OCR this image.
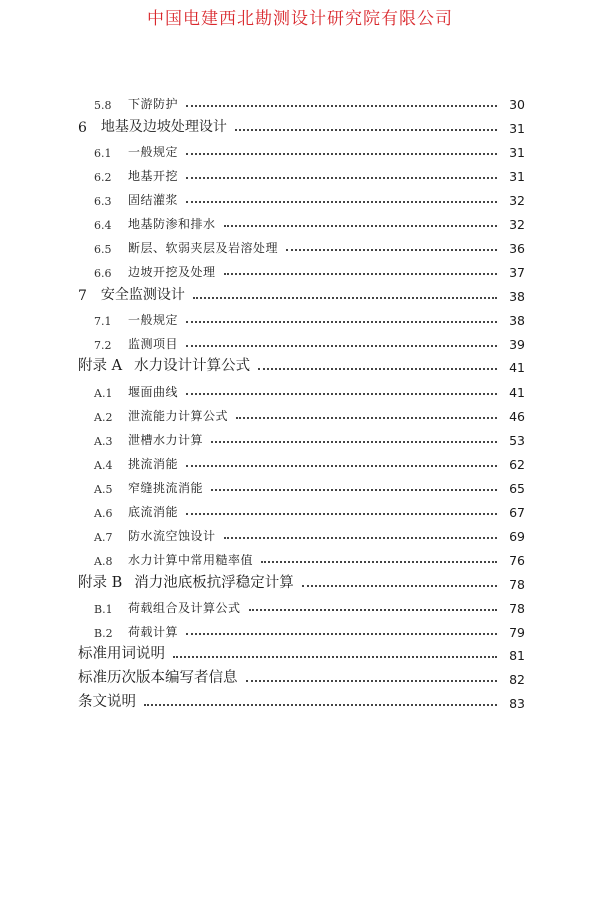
中国电建西北勘测设计研究院有限公司
5.8	下游防护	30
6 地基及边坡处理设计	31
6.1	一般规定	31
6.2	地基开挖	31
6.3	固结灌浆	32
6.4	地基防渗和排水	32
6.5	断层、软弱夹层及岩溶处理	36
6.6	边坡开挖及处理	37
7 安全监测设计	38
7.1	一般规定	38
7.2	监测项目	39
附录 A 水力设计计算公式	41
A.1	堰面曲线	41
A.2	泄流能力计算公式	46
A.3	泄槽水力计算	53
A.4	挑流消能	62
A.5	窄缝挑流消能	65
A.6	底流消能	67
A.7	防水流空蚀设计	69
A.8	水力计算中常用糙率值	76
附录 B 消力池底板抗浮稳定计算	78
B.1	荷载组合及计算公式	78
B.2	荷载计算	79
标准用词说明	81
标准历次版本编写者信息	82
条文说明	83
